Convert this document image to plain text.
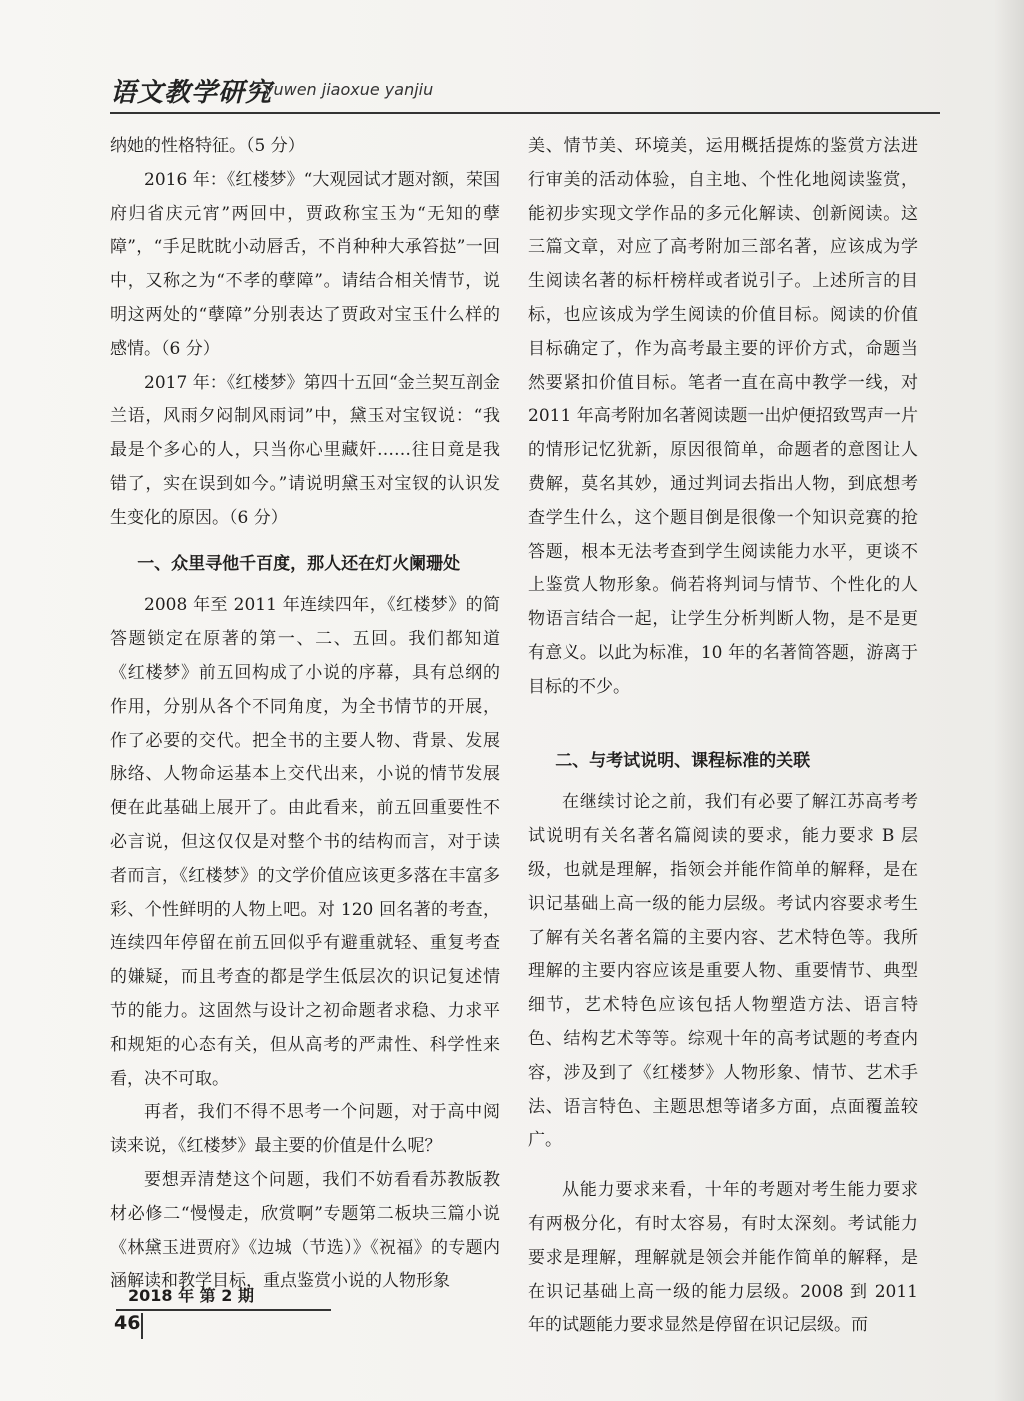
语文教学研究
yuwen jiaoxue yanjiu

纳她的性格特征。（5 分）

2016 年：《红楼梦》“大观园试才题对额，荣国府归省庆元宵”两回中，贾政称宝玉为“无知的孽障”，“手足眈眈小动唇舌，不肖种种大承笞挞”一回中，又称之为“不孝的孽障”。请结合相关情节，说明这两处的“孽障”分别表达了贾政对宝玉什么样的感情。（6 分）

2017 年：《红楼梦》第四十五回“金兰契互剖金兰语，风雨夕闷制风雨词”中，黛玉对宝钗说：“我最是个多心的人，只当你心里藏奸……往日竟是我错了，实在误到如今。”请说明黛玉对宝钗的认识发生变化的原因。（6 分）

一、众里寻他千百度，那人还在灯火阑珊处

2008 年至 2011 年连续四年，《红楼梦》的简答题锁定在原著的第一、二、五回。我们都知道《红楼梦》前五回构成了小说的序幕，具有总纲的作用，分别从各个不同角度，为全书情节的开展，作了必要的交代。把全书的主要人物、背景、发展脉络、人物命运基本上交代出来，小说的情节发展便在此基础上展开了。由此看来，前五回重要性不必言说，但这仅仅是对整个书的结构而言，对于读者而言，《红楼梦》的文学价值应该更多落在丰富多彩、个性鲜明的人物上吧。对 120 回名著的考查，连续四年停留在前五回似乎有避重就轻、重复考查的嫌疑，而且考查的都是学生低层次的识记复述情节的能力。这固然与设计之初命题者求稳、力求平和规矩的心态有关，但从高考的严肃性、科学性来看，决不可取。

再者，我们不得不思考一个问题，对于高中阅读来说，《红楼梦》最主要的价值是什么呢？

要想弄清楚这个问题，我们不妨看看苏教版教材必修二“慢慢走，欣赏啊”专题第二板块三篇小说《林黛玉进贾府》《边城（节选）》《祝福》的专题内涵解读和教学目标，重点鉴赏小说的人物形象

美、情节美、环境美，运用概括提炼的鉴赏方法进行审美的活动体验，自主地、个性化地阅读鉴赏，能初步实现文学作品的多元化解读、创新阅读。这三篇文章，对应了高考附加三部名著，应该成为学生阅读名著的标杆榜样或者说引子。上述所言的目标，也应该成为学生阅读的价值目标。阅读的价值目标确定了，作为高考最主要的评价方式，命题当然要紧扣价值目标。笔者一直在高中教学一线，对 2011 年高考附加名著阅读题一出炉便招致骂声一片的情形记忆犹新，原因很简单，命题者的意图让人费解，莫名其妙，通过判词去指出人物，到底想考查学生什么，这个题目倒是很像一个知识竞赛的抢答题，根本无法考查到学生阅读能力水平，更谈不上鉴赏人物形象。倘若将判词与情节、个性化的人物语言结合一起，让学生分析判断人物，是不是更有意义。以此为标准，10 年的名著简答题，游离于目标的不少。

二、与考试说明、课程标准的关联

在继续讨论之前，我们有必要了解江苏高考考试说明有关名著名篇阅读的要求，能力要求 B 层级，也就是理解，指领会并能作简单的解释，是在识记基础上高一级的能力层级。考试内容要求考生了解有关名著名篇的主要内容、艺术特色等。我所理解的主要内容应该是重要人物、重要情节、典型细节，艺术特色应该包括人物塑造方法、语言特色、结构艺术等等。综观十年的高考试题的考查内容，涉及到了《红楼梦》人物形象、情节、艺术手法、语言特色、主题思想等诸多方面，点面覆盖较广。

从能力要求来看，十年的考题对考生能力要求有两极分化，有时太容易，有时太深刻。考试能力要求是理解，理解就是领会并能作简单的解释，是在识记基础上高一级的能力层级。2008 到 2011 年的试题能力要求显然是停留在识记层级。而

2018 年 第 2 期
46
